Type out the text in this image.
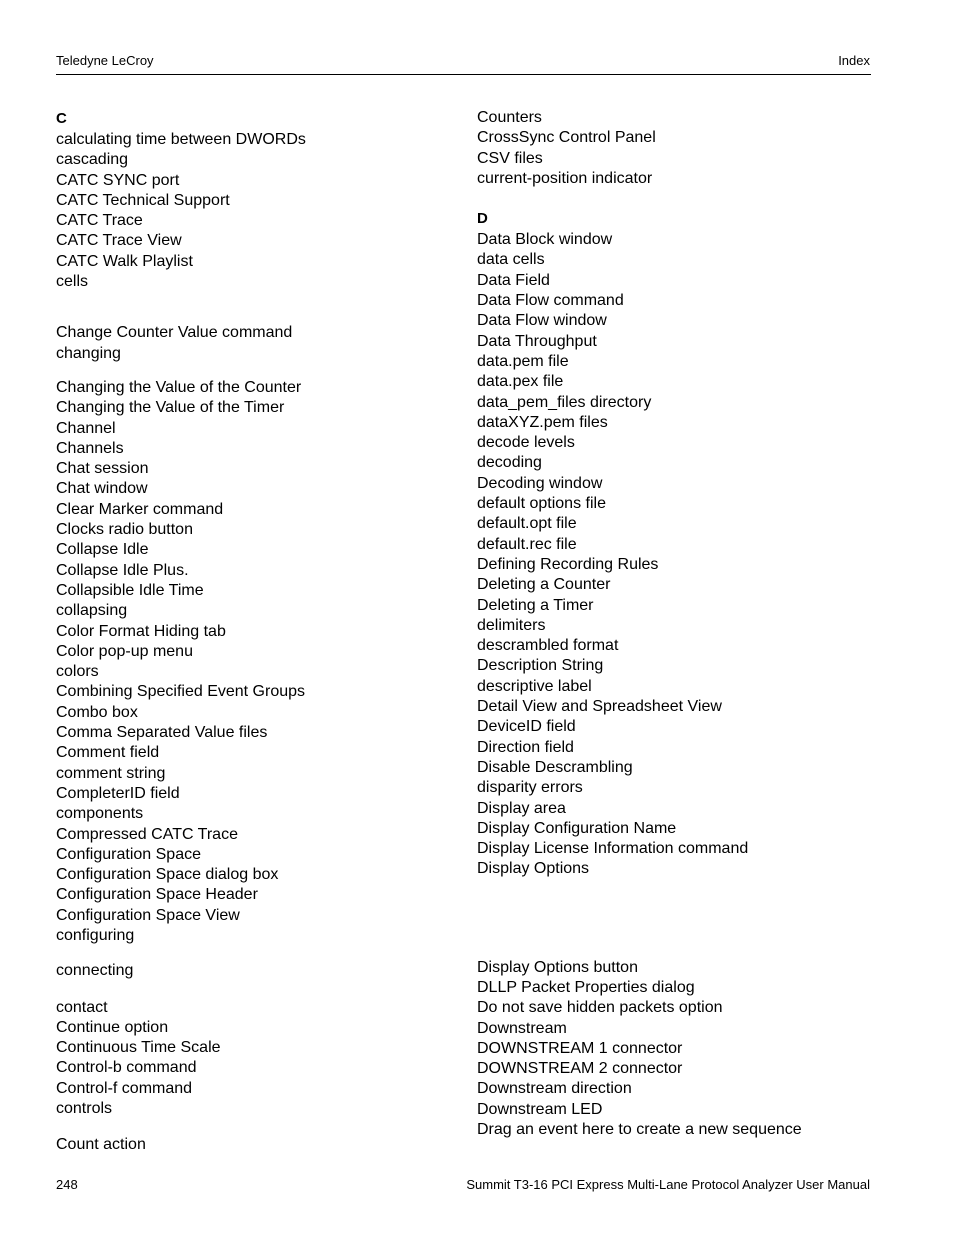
Teledyne LeCroy	Index
C
calculating time between DWORDs
cascading
CATC SYNC port
CATC Technical Support
CATC Trace
CATC Trace View
CATC Walk Playlist
cells
Change Counter Value command
changing
Changing the Value of the Counter
Changing the Value of the Timer
Channel
Channels
Chat session
Chat window
Clear Marker command
Clocks radio button
Collapse Idle
Collapse Idle Plus.
Collapsible Idle Time
collapsing
Color Format Hiding tab
Color pop-up menu
colors
Combining Specified Event Groups
Combo box
Comma Separated Value files
Comment field
comment string
CompleterID field
components
Compressed CATC Trace
Configuration Space
Configuration Space dialog box
Configuration Space Header
Configuration Space View
configuring
connecting
contact
Continue option
Continuous Time Scale
Control-b command
Control-f command
controls
Count action
Counters
CrossSync Control Panel
CSV files
current-position indicator
D
Data Block window
data cells
Data Field
Data Flow command
Data Flow window
Data Throughput
data.pem file
data.pex file
data_pem_files directory
dataXYZ.pem files
decode levels
decoding
Decoding window
default options file
default.opt file
default.rec file
Defining Recording Rules
Deleting a Counter
Deleting a Timer
delimiters
descrambled format
Description String
descriptive label
Detail View and Spreadsheet View
DeviceID field
Direction field
Disable Descrambling
disparity errors
Display area
Display Configuration Name
Display License Information command
Display Options
Display Options button
DLLP Packet Properties dialog
Do not save hidden packets option
Downstream
DOWNSTREAM 1 connector
DOWNSTREAM 2 connector
Downstream direction
Downstream LED
Drag an event here to create a new sequence
248	Summit T3-16 PCI Express Multi-Lane Protocol Analyzer User Manual
